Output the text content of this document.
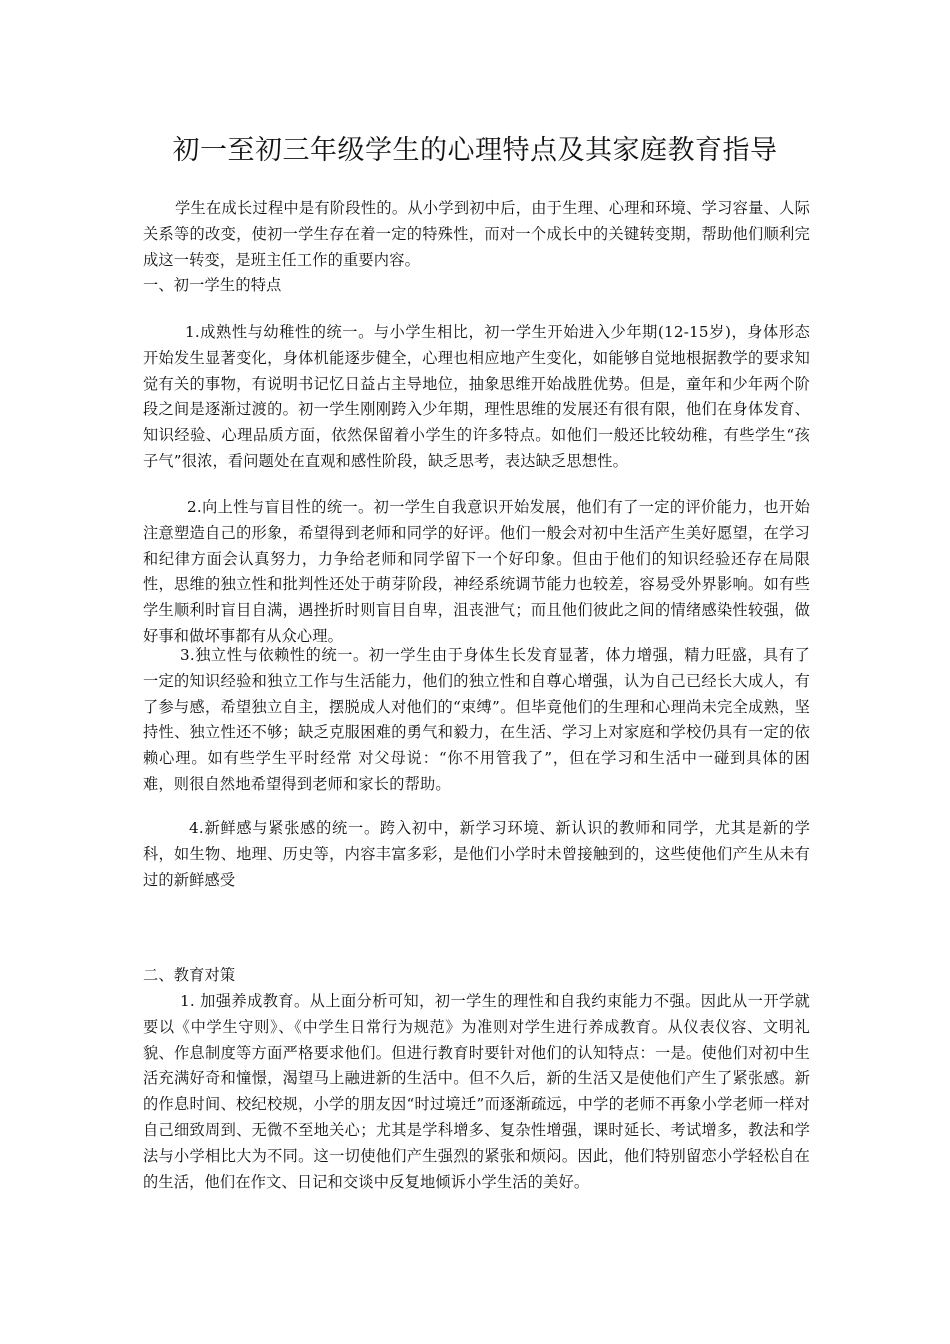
初一至初三年级学生的心理特点及其家庭教育指导

学生在成长过程中是有阶段性的。从小学到初中后，由于生理、心理和环境、学习容量、人际关系等的改变，使初一学生存在着一定的特殊性，而对一个成长中的关键转变期，帮助他们顺利完成这一转变，是班主任工作的重要内容。

一、初一学生的特点

1.成熟性与幼稚性的统一。与小学生相比，初一学生开始进入少年期(12-15岁)，身体形态开始发生显著变化，身体机能逐步健全，心理也相应地产生变化，如能够自觉地根据教学的要求知觉有关的事物，有说明书记忆日益占主导地位，抽象思维开始战胜优势。但是，童年和少年两个阶段之间是逐渐过渡的。初一学生刚刚跨入少年期，理性思维的发展还有很有限，他们在身体发育、知识经验、心理品质方面，依然保留着小学生的许多特点。如他们一般还比较幼稚，有些学生“孩子气”很浓，看问题处在直观和感性阶段，缺乏思考，表达缺乏思想性。

2.向上性与盲目性的统一。初一学生自我意识开始发展，他们有了一定的评价能力，也开始注意塑造自己的形象，希望得到老师和同学的好评。他们一般会对初中生活产生美好愿望，在学习和纪律方面会认真努力，力争给老师和同学留下一个好印象。但由于他们的知识经验还存在局限性，思维的独立性和批判性还处于萌芽阶段，神经系统调节能力也较差，容易受外界影响。如有些学生顺利时盲目自满，遇挫折时则盲目自卑，沮丧泄气；而且他们彼此之间的情绪感染性较强，做好事和做坏事都有从众心理。

3.独立性与依赖性的统一。初一学生由于身体生长发育显著，体力增强，精力旺盛，具有了一定的知识经验和独立工作与生活能力，他们的独立性和自尊心增强，认为自己已经长大成人，有了参与感，希望独立自主，摆脱成人对他们的“束缚”。但毕竟他们的生理和心理尚未完全成熟，坚持性、独立性还不够；缺乏克服困难的勇气和毅力，在生活、学习上对家庭和学校仍具有一定的依赖心理。如有些学生平时经常 对父母说：“你不用管我了”，但在学习和生活中一碰到具体的困难，则很自然地希望得到老师和家长的帮助。

4.新鲜感与紧张感的统一。跨入初中，新学习环境、新认识的教师和同学，尤其是新的学科，如生物、地理、历史等，内容丰富多彩，是他们小学时未曾接触到的，这些使他们产生从未有过的新鲜感受

二、教育对策

1. 加强养成教育。从上面分析可知，初一学生的理性和自我约束能力不强。因此从一开学就要以《中学生守则》、《中学生日常行为规范》为准则对学生进行养成教育。从仪表仪容、文明礼貌、作息制度等方面严格要求他们。但进行教育时要针对他们的认知特点：一是。使他们对初中生活充满好奇和憧憬，渴望马上融进新的生活中。但不久后，新的生活又是使他们产生了紧张感。新的作息时间、校纪校规，小学的朋友因“时过境迁”而逐渐疏远，中学的老师不再象小学老师一样对自己细致周到、无微不至地关心；尤其是学科增多、复杂性增强，课时延长、考试增多，教法和学法与小学相比大为不同。这一切使他们产生强烈的紧张和烦闷。因此，他们特别留恋小学轻松自在的生活，他们在作文、日记和交谈中反复地倾诉小学生活的美好。
